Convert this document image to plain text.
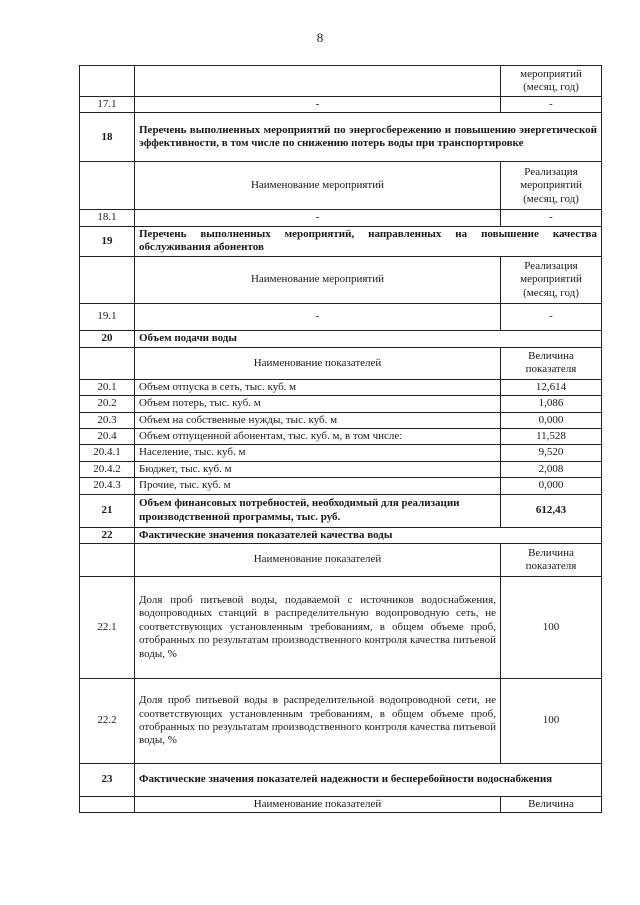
8
		мероприятий (месяц, год)
17.1	-	-
18	Перечень выполненных мероприятий по энергосбережению и повышению энергетической эффективности, в том числе по снижению потерь воды при транспортировке	
	Наименование мероприятий	Реализация мероприятий (месяц, год)
18.1	-	-
19	Перечень выполненных мероприятий, направленных на повышение качества обслуживания абонентов	
	Наименование мероприятий	Реализация мероприятий (месяц, год)
19.1	-	-
20	Объем подачи воды	
	Наименование показателей	Величина показателя
20.1	Объем отпуска в сеть, тыс. куб. м	12,614
20.2	Объем потерь, тыс. куб. м	1,086
20.3	Объем на собственные нужды, тыс. куб. м	0,000
20.4	Объем отпущенной абонентам, тыс. куб. м, в том числе:	11,528
20.4.1	Население, тыс. куб. м	9,520
20.4.2	Бюджет, тыс. куб. м	2,008
20.4.3	Прочие, тыс. куб. м	0,000
21	Объем финансовых потребностей, необходимый для реализации производственной программы, тыс. руб.	612,43
22	Фактические значения показателей качества воды	
	Наименование показателей	Величина показателя
22.1	Доля проб питьевой воды, подаваемой с источников водоснабжения, водопроводных станций в распределительную водопроводную сеть, не соответствующих установленным требованиям, в общем объеме проб, отобранных по результатам производственного контроля качества питьевой воды, %	100
22.2	Доля проб питьевой воды в распределительной водопроводной сети, не соответствующих установленным требованиям, в общем объеме проб, отобранных по результатам производственного контроля качества питьевой воды, %	100
23	Фактические значения показателей надежности и бесперебойности водоснабжения	
	Наименование показателей	Величина
